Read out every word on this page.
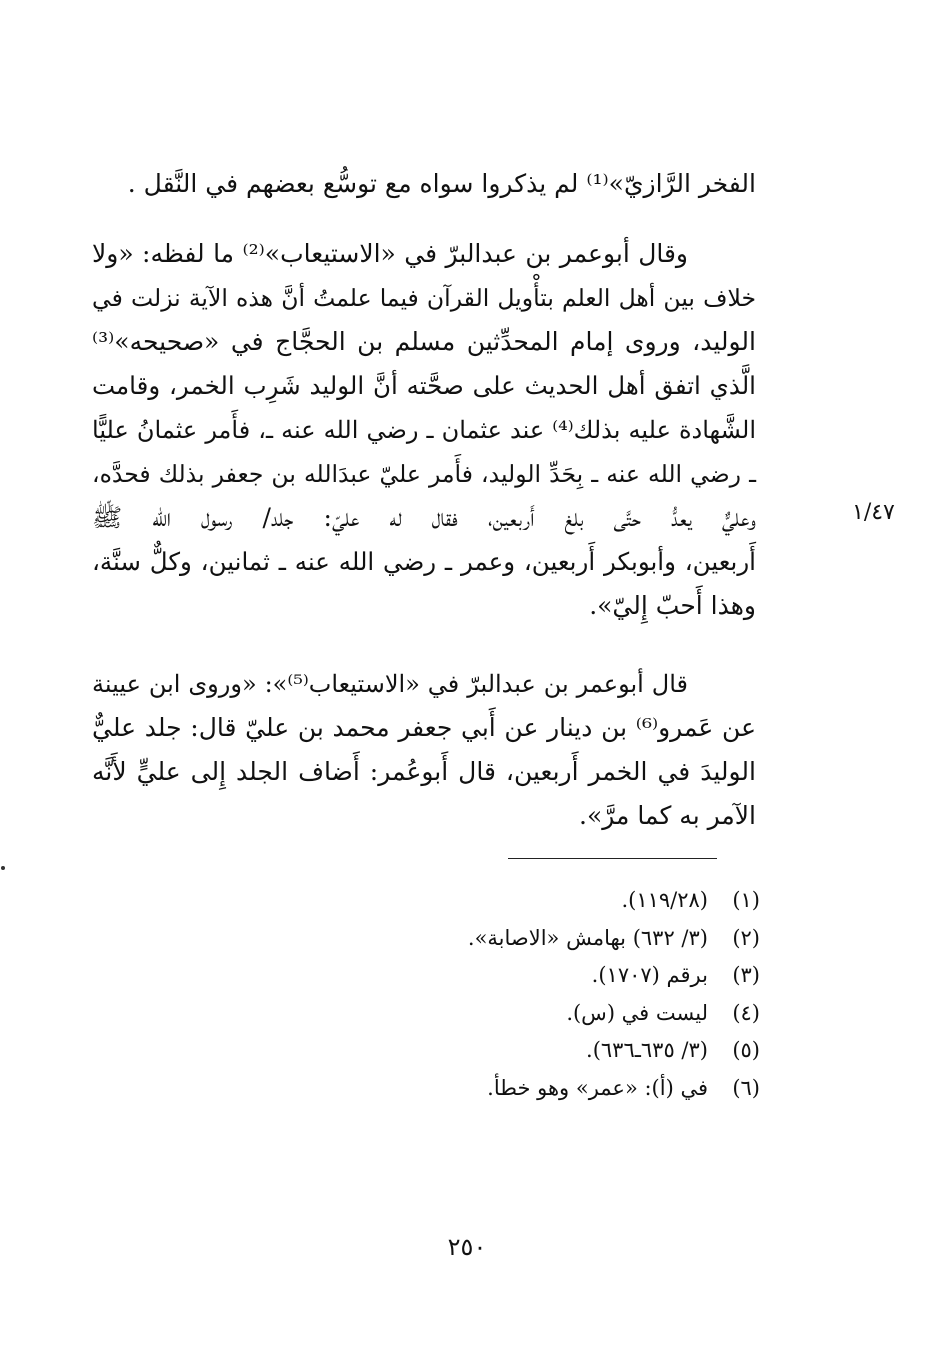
الفخر الرَّازيّ»⁽¹⁾ لم يذكروا سواه مع توسُّع بعضهم في النَّقل .
وقال أبوعمر بن عبدالبرّ في «الاستيعاب»⁽²⁾ ما لفظه: «ولا
خلاف بين أهل العلم بتأْويل القرآن فيما علمتُ أنَّ هذه الآية نزلت في
الوليد، وروى إمام المحدِّثين مسلم بن الحجَّاج في «صحيحه»⁽³⁾
الَّذي اتفق أهل الحديث على صحَّته أنَّ الوليد شَرِب الخمر، وقامت
الشَّهادة عليه بذلك⁽⁴⁾ عند عثمان ـ رضي الله عنه ـ، فأَمر عثمانُ عليًّا
ـ رضي الله عنه ـ بِحَدِّ الوليد، فأَمر عليّ عبدَالله بن جعفر بذلك فحدَّه،
وعليٌّ يعدُّ حتَّى بلغ أَربعين، فقال له عليّ: جلد/ رسول الله ﷺ
أَربعين، وأبوبكر أَربعين، وعمر ـ رضي الله عنه ـ ثمانين، وكلٌّ سنَّة،
وهذا أَحبّ إِليّ».
١/٤٧
قال أبوعمر بن عبدالبرّ في «الاستيعاب⁽⁵⁾»: «وروى ابن عيينة
عن عَمرو⁽⁶⁾ بن دينار عن أَبي جعفر محمد بن عليّ قال: جلد عليٌّ
الوليدَ في الخمر أَربعين، قال أَبوعُمر: أَضاف الجلد إِلى عليٍّ لأَنَّه
الآمر به كما مرَّ».
(١)(١١٩/٢٨).
(٢)(٣/ ٦٣٢) بهامش «الاصابة».
(٣)برقم (١٧٠٧).
(٤)ليست في (س).
(٥)(٣/ ٦٣٥ـ٦٣٦).
(٦)في (أ): «عمر» وهو خطأ.
٢٥٠
